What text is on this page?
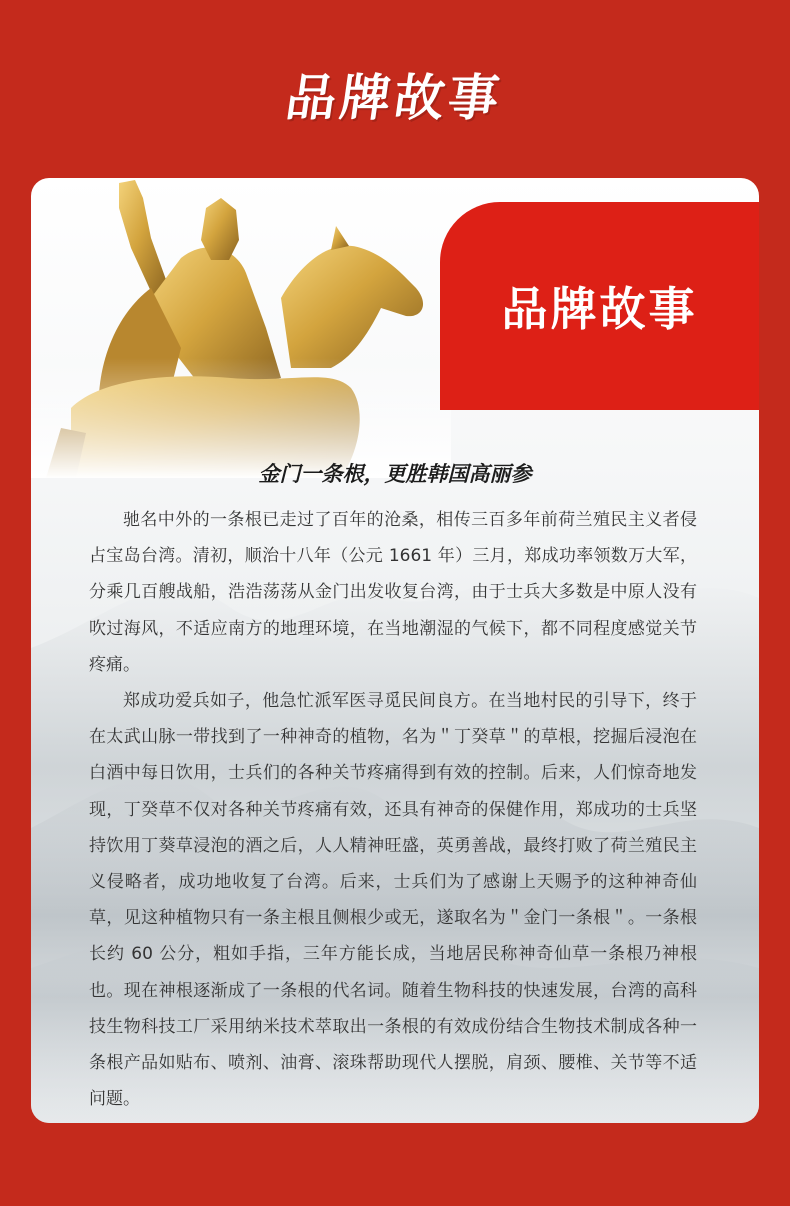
品牌故事
品牌故事
金门一条根，更胜韩国高丽参

驰名中外的一条根已走过了百年的沧桑，相传三百多年前荷兰殖民主义者侵占宝岛台湾。清初，顺治十八年（公元 1661 年）三月，郑成功率领数万大军，分乘几百艘战船，浩浩荡荡从金门出发收复台湾，由于士兵大多数是中原人没有吹过海风，不适应南方的地理环境，在当地潮湿的气候下，都不同程度感觉关节疼痛。

郑成功爱兵如子，他急忙派军医寻觅民间良方。在当地村民的引导下，终于在太武山脉一带找到了一种神奇的植物，名为＂丁癸草＂的草根，挖掘后浸泡在白酒中每日饮用，士兵们的各种关节疼痛得到有效的控制。后来，人们惊奇地发现，丁癸草不仅对各种关节疼痛有效，还具有神奇的保健作用，郑成功的士兵坚持饮用丁葵草浸泡的酒之后，人人精神旺盛，英勇善战，最终打败了荷兰殖民主义侵略者，成功地收复了台湾。后来，士兵们为了感谢上天赐予的这种神奇仙草，见这种植物只有一条主根且侧根少或无，遂取名为＂金门一条根＂。一条根长约 60 公分，粗如手指，三年方能长成，当地居民称神奇仙草一条根乃神根也。现在神根逐渐成了一条根的代名词。随着生物科技的快速发展，台湾的高科技生物科技工厂采用纳米技术萃取出一条根的有效成份结合生物技术制成各种一条根产品如贴布、喷剂、油膏、滚珠帮助现代人摆脱，肩颈、腰椎、关节等不适问题。
